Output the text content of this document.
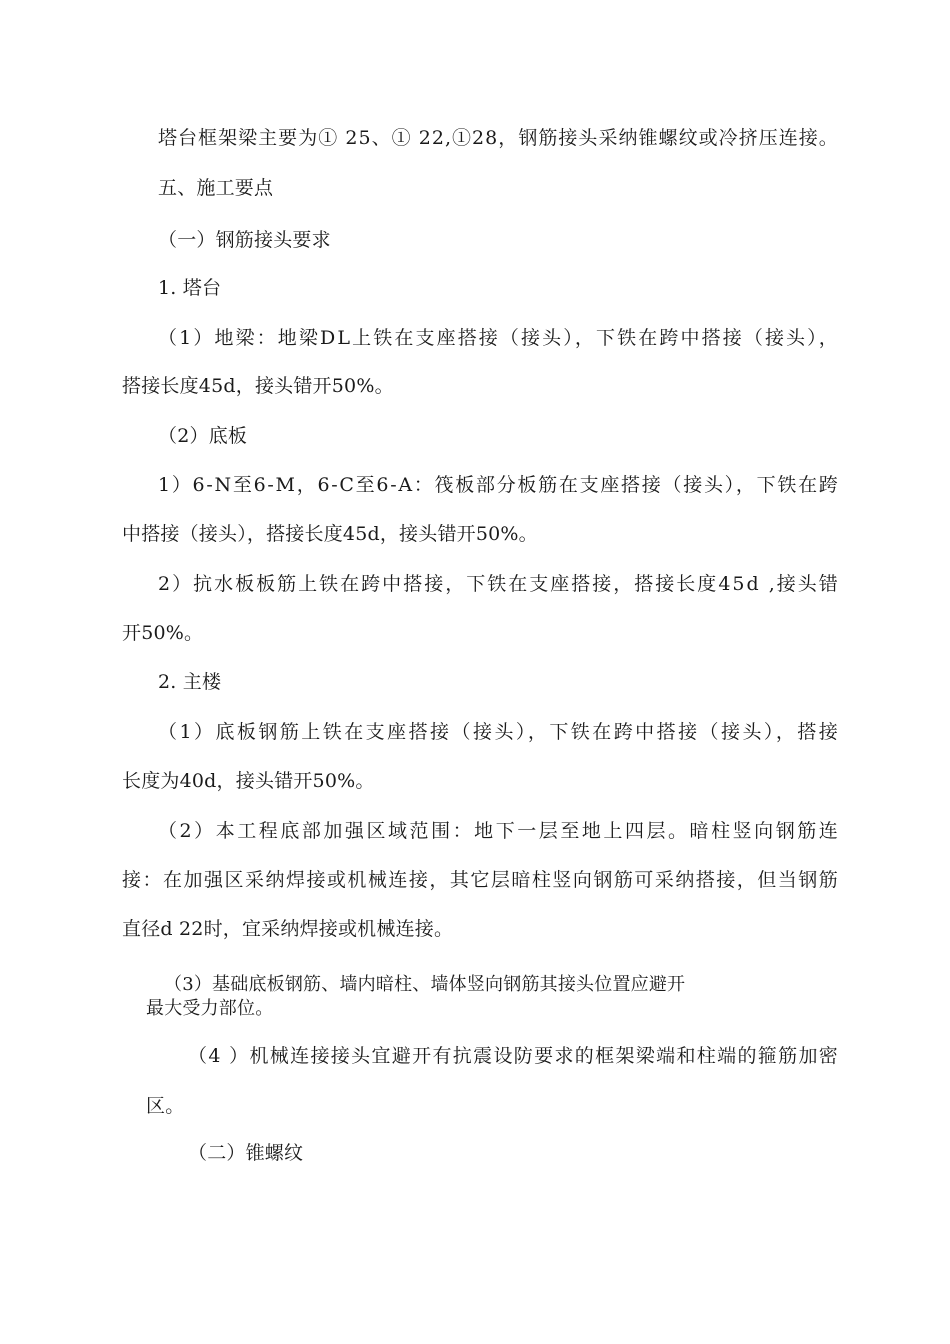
塔台框架梁主要为① 25、① 22,①28，钢筋接头采纳锥螺纹或冷挤压连接。
五、施工要点
（一）钢筋接头要求
1. 塔台
（1）地梁：地梁DL上铁在支座搭接（接头），下铁在跨中搭接（接头），
搭接长度45d，接头错开50%。
（2）底板
1）6-N至6-M，6-C至6-A：筏板部分板筋在支座搭接（接头），下铁在跨
中搭接（接头），搭接长度45d，接头错开50%。
2）抗水板板筋上铁在跨中搭接，下铁在支座搭接，搭接长度45d ,接头错
开50%。
2. 主楼
（1）底板钢筋上铁在支座搭接（接头），下铁在跨中搭接（接头），搭接
长度为40d，接头错开50%。
（2）本工程底部加强区域范围：地下一层至地上四层。暗柱竖向钢筋连
接：在加强区采纳焊接或机械连接，其它层暗柱竖向钢筋可采纳搭接，但当钢筋
直径d 22时，宜采纳焊接或机械连接。
（3）基础底板钢筋、墙内暗柱、墙体竖向钢筋其接头位置应避开
最大受力部位。
（4 ）机械连接接头宜避开有抗震设防要求的框架梁端和柱端的箍筋加密
区。
（二）锥螺纹
